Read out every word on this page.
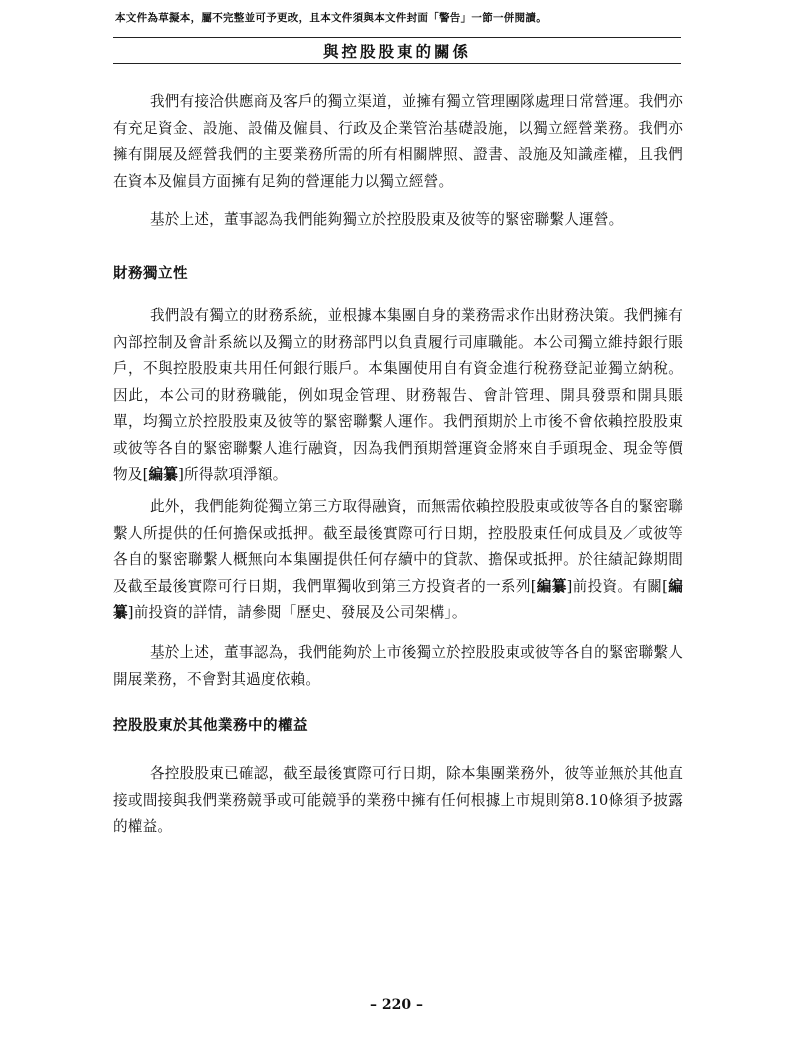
本文件為草擬本，屬不完整並可予更改，且本文件須與本文件封面「警告」一節一併閱讀。
與控股股東的關係

我們有接洽供應商及客戶的獨立渠道，並擁有獨立管理團隊處理日常營運。我們亦有充足資金、設施、設備及僱員、行政及企業管治基礎設施，以獨立經營業務。我們亦擁有開展及經營我們的主要業務所需的所有相關牌照、證書、設施及知識產權，且我們在資本及僱員方面擁有足夠的營運能力以獨立經營。

基於上述，董事認為我們能夠獨立於控股股東及彼等的緊密聯繫人運營。

財務獨立性

我們設有獨立的財務系統，並根據本集團自身的業務需求作出財務決策。我們擁有內部控制及會計系統以及獨立的財務部門以負責履行司庫職能。本公司獨立維持銀行賬戶，不與控股股東共用任何銀行賬戶。本集團使用自有資金進行稅務登記並獨立納稅。因此，本公司的財務職能，例如現金管理、財務報告、會計管理、開具發票和開具賬單，均獨立於控股股東及彼等的緊密聯繫人運作。我們預期於上市後不會依賴控股股東或彼等各自的緊密聯繫人進行融資，因為我們預期營運資金將來自手頭現金、現金等價物及[編纂]所得款項淨額。

此外，我們能夠從獨立第三方取得融資，而無需依賴控股股東或彼等各自的緊密聯繫人所提供的任何擔保或抵押。截至最後實際可行日期，控股股東任何成員及／或彼等各自的緊密聯繫人概無向本集團提供任何存續中的貸款、擔保或抵押。於往績記錄期間及截至最後實際可行日期，我們單獨收到第三方投資者的一系列[編纂]前投資。有關[編纂]前投資的詳情，請參閱「歷史、發展及公司架構」。

基於上述，董事認為，我們能夠於上市後獨立於控股股東或彼等各自的緊密聯繫人開展業務，不會對其過度依賴。

控股股東於其他業務中的權益

各控股股東已確認，截至最後實際可行日期，除本集團業務外，彼等並無於其他直接或間接與我們業務競爭或可能競爭的業務中擁有任何根據上市規則第8.10條須予披露的權益。

– 220 –
